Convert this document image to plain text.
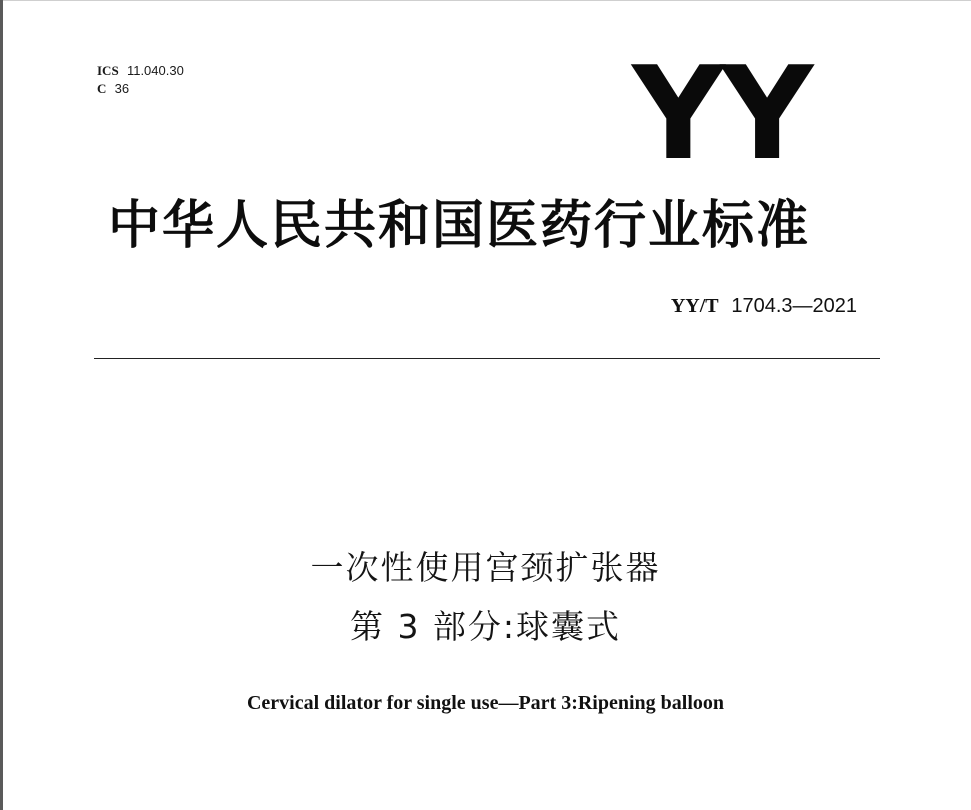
ICS 11.040.30
C 36	YY
中华人民共和国医药行业标准
YY/T 1704.3—2021
一次性使用宫颈扩张器
第 3 部分:球囊式
Cervical dilator for single use—Part 3:Ripening balloon
